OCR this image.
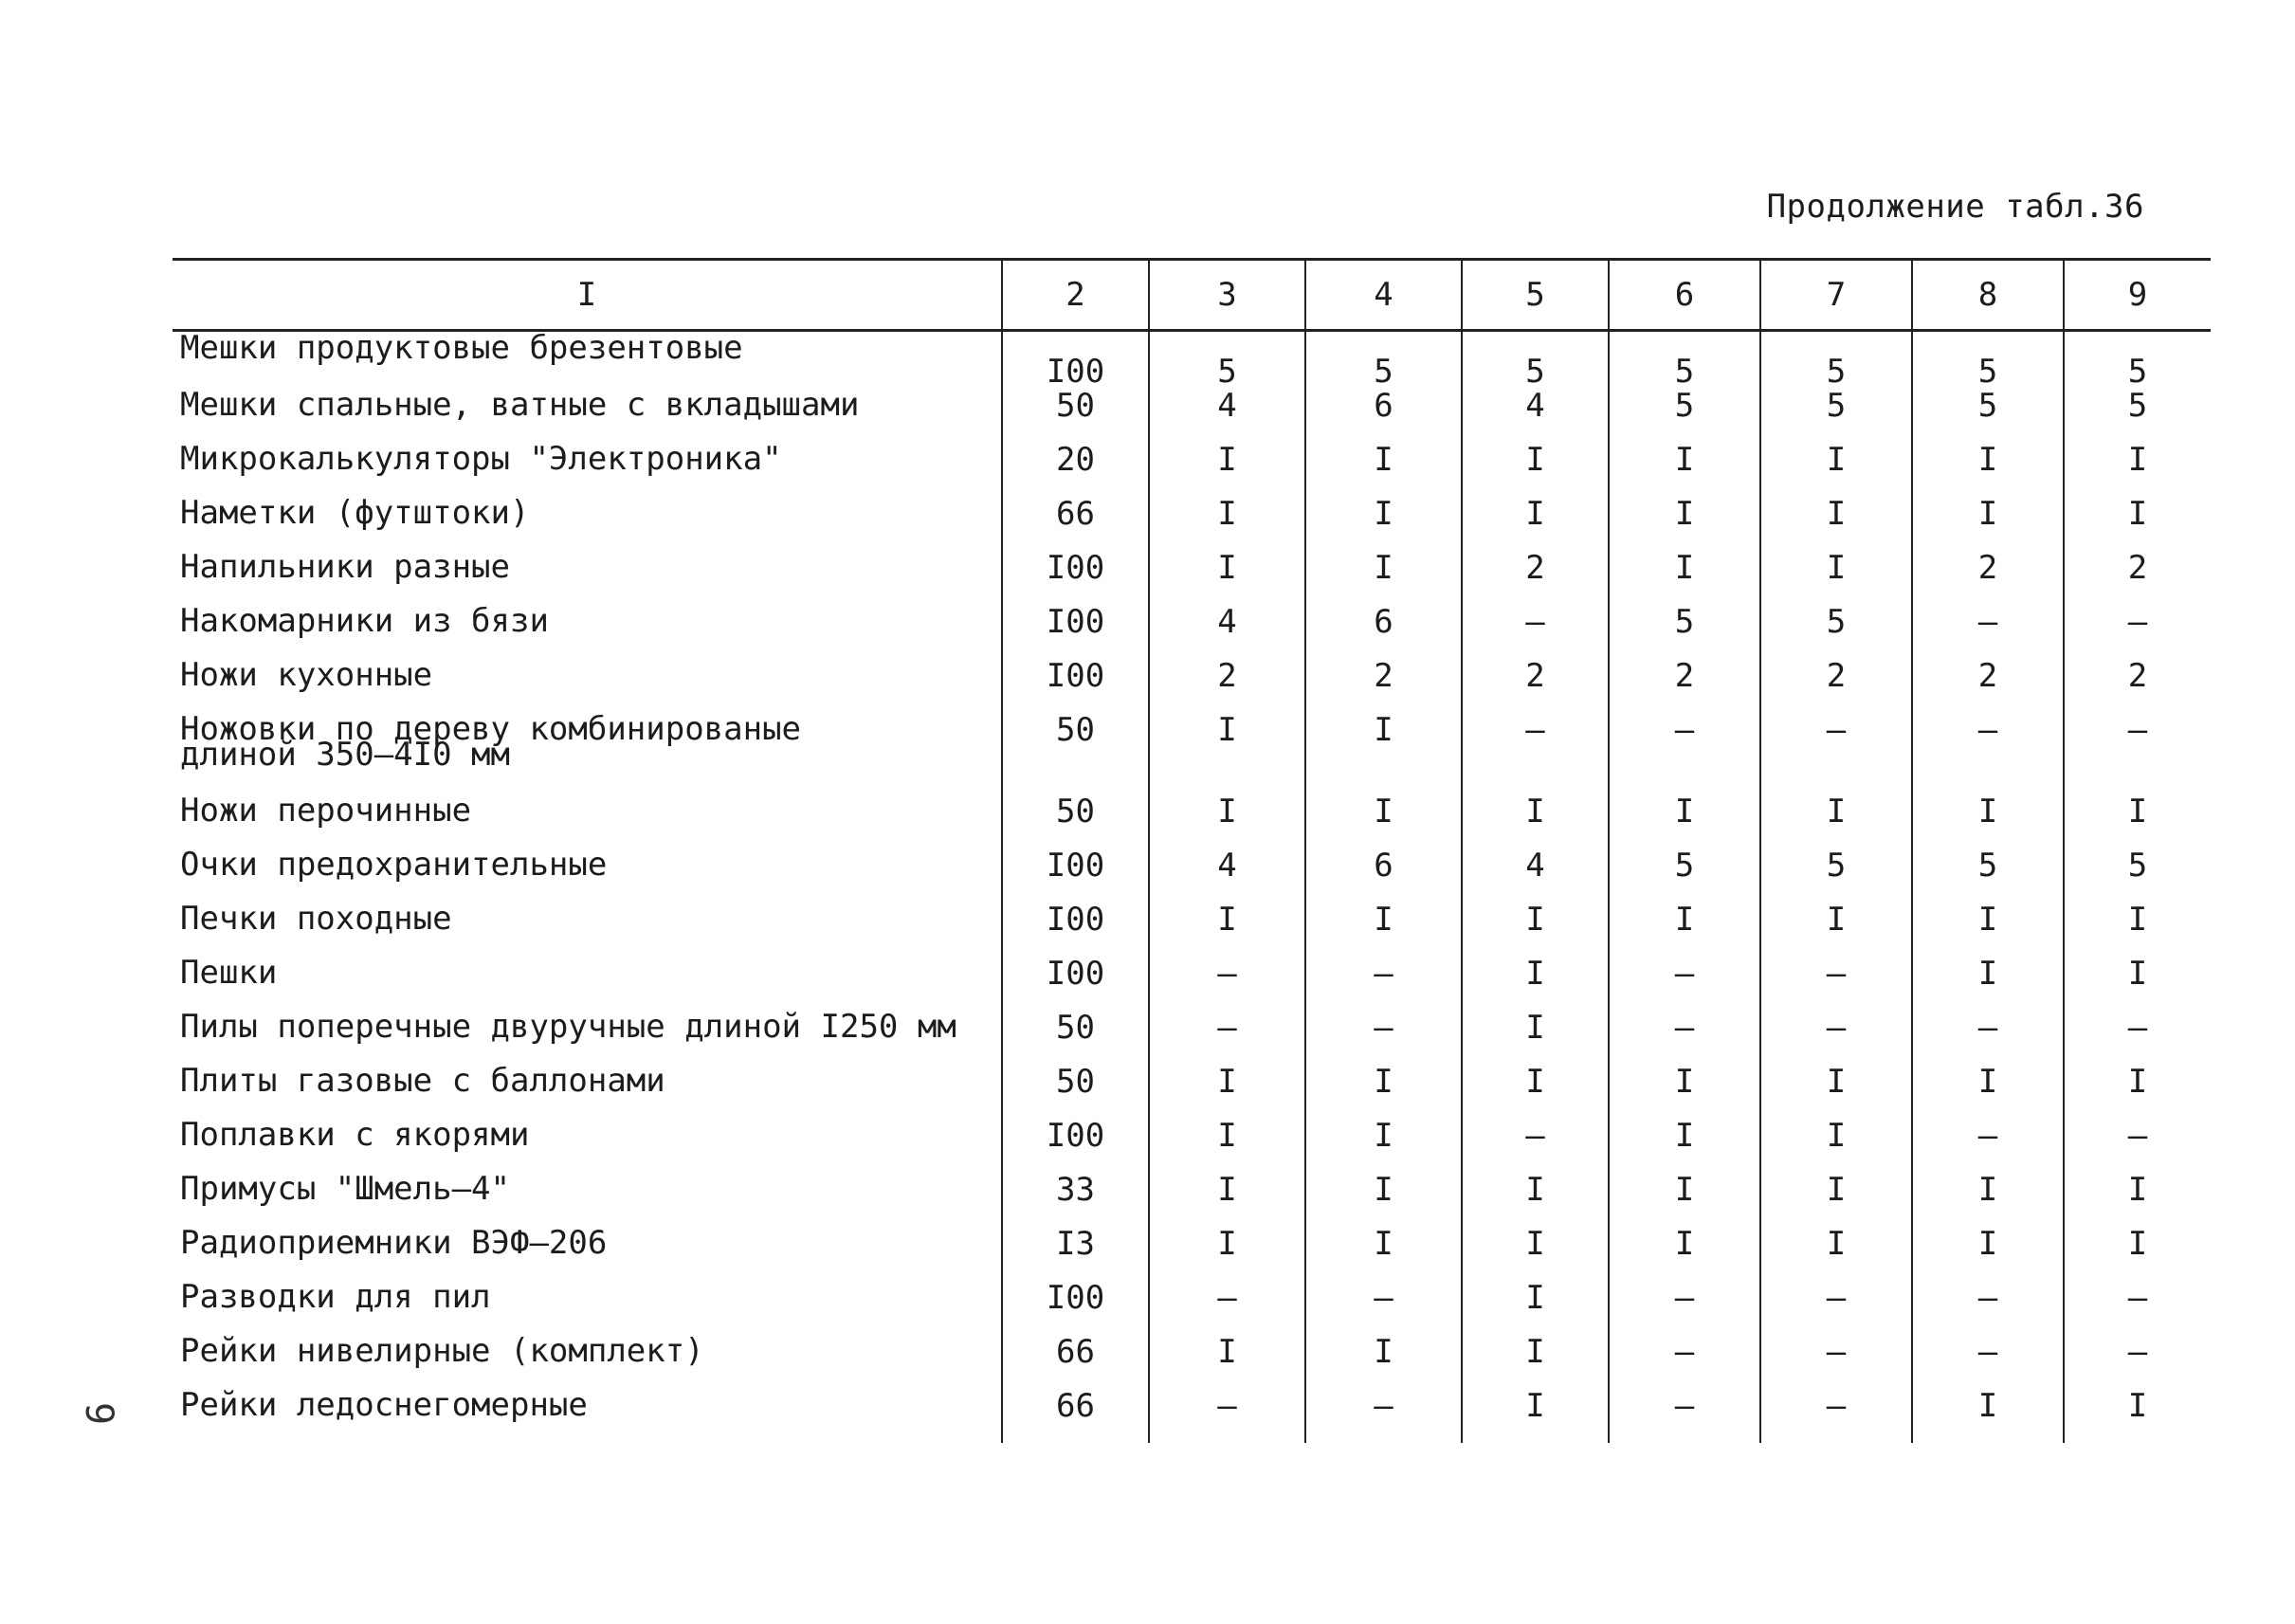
Продолжение табл.36
9
I	2	3	4	5	6	7	8	9
Мешки продуктовые брезентовые	I00	5	5	5	5	5	5	5
Мешки спальные, ватные с вкладышами	50	4	6	4	5	5	5	5
Микрокалькуляторы "Электроника"	20	I	I	I	I	I	I	I
Наметки (футштоки)	66	I	I	I	I	I	I	I
Напильники разные	I00	I	I	2	I	I	2	2
Накомарники из бязи	I00	4	6	–	5	5	–	–
Ножи кухонные	I00	2	2	2	2	2	2	2
Ножовки по дереву комбинированые
длиной 350–4I0 мм	50	I	I	–	–	–	–	–
Ножи перочинные	50	I	I	I	I	I	I	I
Очки предохранительные	I00	4	6	4	5	5	5	5
Печки походные	I00	I	I	I	I	I	I	I
Пешки	I00	–	–	I	–	–	I	I
Пилы поперечные двуручные длиной I250 мм	50	–	–	I	–	–	–	–
Плиты газовые с баллонами	50	I	I	I	I	I	I	I
Поплавки с якорями	I00	I	I	–	I	I	–	–
Примусы "Шмель–4"	33	I	I	I	I	I	I	I
Радиоприемники ВЭФ–206	I3	I	I	I	I	I	I	I
Разводки для пил	I00	–	–	I	–	–	–	–
Рейки нивелирные (комплект)	66	I	I	I	–	–	–	–
Рейки ледоснегомерные	66	–	–	I	–	–	I	I
